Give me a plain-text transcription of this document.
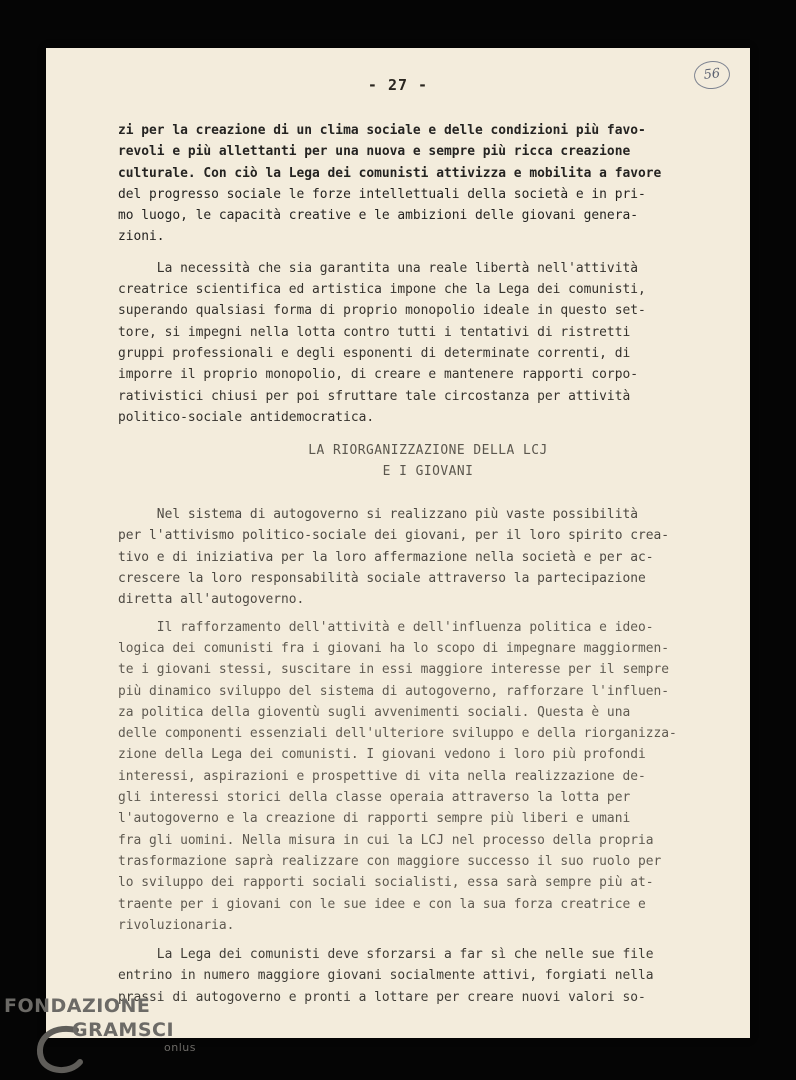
- 27 -
56
zi per la creazione di un clima sociale e delle condizioni più favo-
revoli e più allettanti per una nuova e sempre più ricca creazione
culturale. Con ciò la Lega dei comunisti attivizza e mobilita a favore
del progresso sociale le forze intellettuali della società e in pri-
mo luogo, le capacità creative e le ambizioni delle giovani genera-
zioni.
La necessità che sia garantita una reale libertà nell'attività
creatrice scientifica ed artistica impone che la Lega dei comunisti,
superando qualsiasi forma di proprio monopolio ideale in questo set-
tore, si impegni nella lotta contro tutti i tentativi di ristretti
gruppi professionali e degli esponenti di determinate correnti, di
imporre il proprio monopolio, di creare e mantenere rapporti corpo-
rativistici chiusi per poi sfruttare tale circostanza per attività
politico-sociale antidemocratica.
LA RIORGANIZZAZIONE DELLA LCJ
E I GIOVANI
Nel sistema di autogoverno si realizzano più vaste possibilità
per l'attivismo politico-sociale dei giovani, per il loro spirito crea-
tivo e di iniziativa per la loro affermazione nella società e per ac-
crescere la loro responsabilità sociale attraverso la partecipazione
diretta all'autogoverno.
Il rafforzamento dell'attività e dell'influenza politica e ideo-
logica dei comunisti fra i giovani ha lo scopo di impegnare maggiormen-
te i giovani stessi, suscitare in essi maggiore interesse per il sempre
più dinamico sviluppo del sistema di autogoverno, rafforzare l'influen-
za politica della gioventù sugli avvenimenti sociali. Questa è una
delle componenti essenziali dell'ulteriore sviluppo e della riorganizza-
zione della Lega dei comunisti. I giovani vedono i loro più profondi
interessi, aspirazioni e prospettive di vita nella realizzazione de-
gli interessi storici della classe operaia attraverso la lotta per
l'autogoverno e la creazione di rapporti sempre più liberi e umani
fra gli uomini. Nella misura in cui la LCJ nel processo della propria
trasformazione saprà realizzare con maggiore successo il suo ruolo per
lo sviluppo dei rapporti sociali socialisti, essa sarà sempre più at-
traente per i giovani con le sue idee e con la sua forza creatrice e
rivoluzionaria.
La Lega dei comunisti deve sforzarsi a far sì che nelle sue file
entrino in numero maggiore giovani socialmente attivi, forgiati nella
prassi di autogoverno e pronti a lottare per creare nuovi valori so-
FONDAZIONE
GRAMSCI
onlus
